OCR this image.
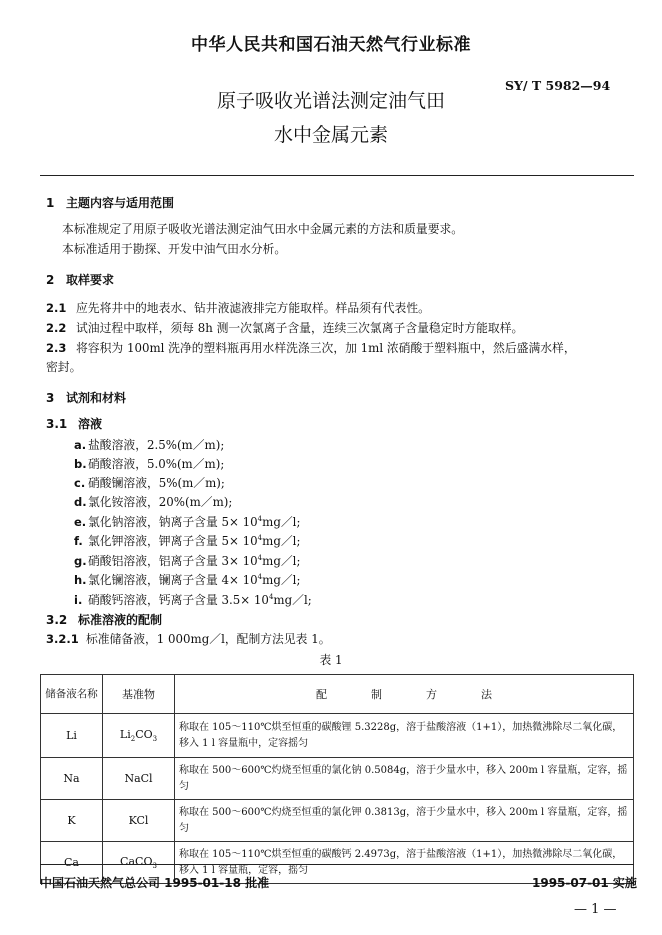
中华人民共和国石油天然气行业标准
SY/ T 5982—94
原子吸收光谱法测定油气田
水中金属元素
1 主题内容与适用范围
本标准规定了用原子吸收光谱法测定油气田水中金属元素的方法和质量要求。
本标准适用于勘探、开发中油气田水分析。
2 取样要求
2.1 应先将井中的地表水、钻井液滤液排完方能取样。样品须有代表性。
2.2 试油过程中取样，须每 8h 测一次氯离子含量，连续三次氯离子含量稳定时方能取样。
2.3 将容积为 100ml 洗净的塑料瓶再用水样洗涤三次，加 1ml 浓硝酸于塑料瓶中，然后盛满水样，
密封。
3 试剂和材料
3.1 溶液
a. 盐酸溶液，2.5%(m／m);
b.硝酸溶液，5.0%(m／m);
c. 硝酸镧溶液，5%(m／m);
d.氯化铵溶液，20%(m／m);
e. 氯化钠溶液，钠离子含量 $5\times 10^4mg/l$;
f. 氯化钾溶液，钾离子含量 $5\times 10^4mg/l$;
g.硝酸铝溶液，铝离子含量 $3\times 10^4mg/l$;
h.氯化镧溶液，镧离子含量 $4\times 10^4mg/l$;
i. 硝酸钙溶液，钙离子含量 $3.5\times 10^4mg/l$;
3.2 标准溶液的配制
3.2.1 标准储备液，1 000mg／l，配制方法见表 1。
表 1
储备液名称	基准物	配　　　　制　　　　方　　　　法
Li	$Li_2CO_3$	称取在 105～110℃烘至恒重的碳酸锂 5.3228g，溶于盐酸溶液（1+1），加热微沸除尽二氧化碳，移入 1 l 容量瓶中，定容摇匀
Na	NaCl	称取在 500～600℃灼烧至恒重的氯化钠 0.5084g，溶于少量水中，移入 200m l 容量瓶，定容，摇匀
K	KCl	称取在 500～600℃灼烧至恒重的氯化钾 0.3813g，溶于少量水中，移入 200m l 容量瓶，定容，摇匀
Ca	CaCO$_3$	称取在 105～110℃烘至恒重的碳酸钙 2.4973g，溶于盐酸溶液（1+1），加热微沸除尽二氧化碳，移入 1 l 容量瓶，定容，摇匀
中国石油天然气总公司 1995-01-18 批准	1995-07-01 实施
— 1 —
